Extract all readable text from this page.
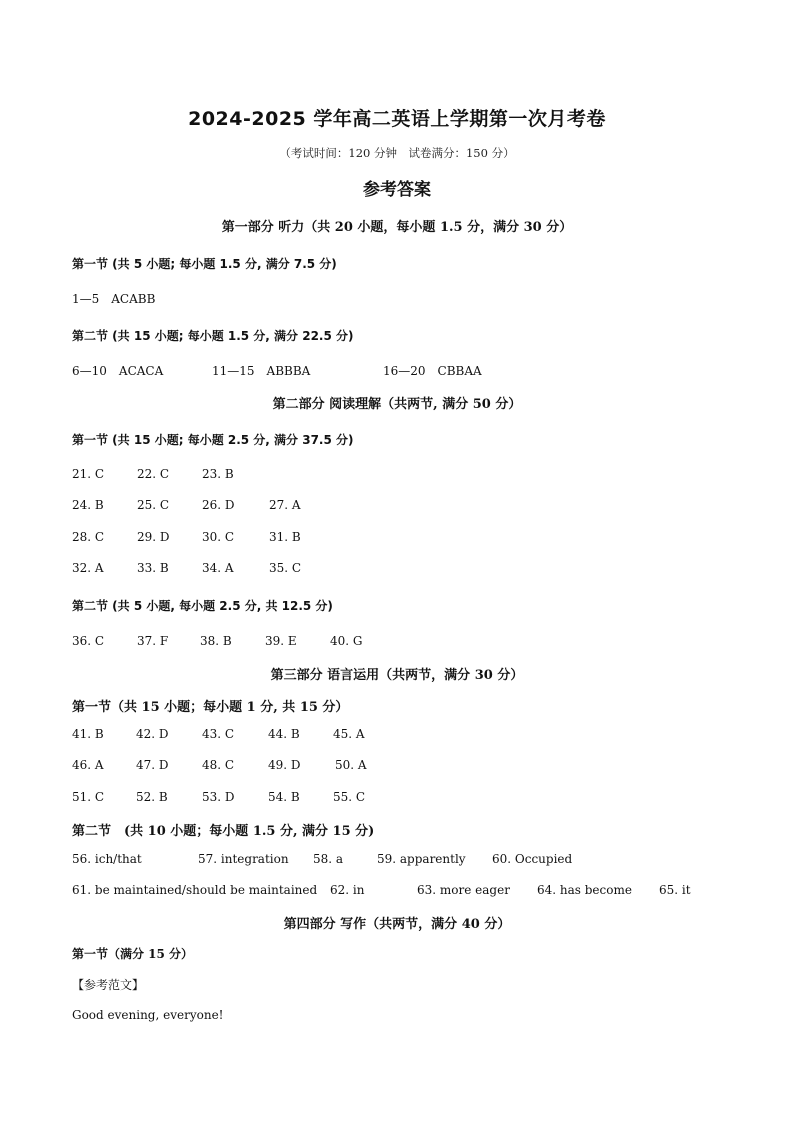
2024-2025 学年高二英语上学期第一次月考卷
（考试时间：120 分钟　试卷满分：150 分）
参考答案
第一部分 听力（共 20 小题，每小题 1.5 分，满分 30 分）
第一节 (共 5 小题; 每小题 1.5 分, 满分 7.5 分)
1—5　ACABB
第二节 (共 15 小题; 每小题 1.5 分, 满分 22.5 分)
6—10　ACACA	11—15　ABBBA	16—20　CBBAA
第二部分 阅读理解（共两节, 满分 50 分）
第一节 (共 15 小题; 每小题 2.5 分, 满分 37.5 分)
21. C	22. C	23. B
24. B	25. C	26. D	27. A
28. C	29. D	30. C	31. B
32. A	33. B	34. A	35. C
第二节 (共 5 小题, 每小题 2.5 分, 共 12.5 分)
36. C	37. F	38. B	39. E	40. G
第三部分 语言运用（共两节，满分 30 分）
第一节（共 15 小题；每小题 1 分, 共 15 分）
41. B	42. D	43. C	44. B	45. A
46. A	47. D	48. C	49. D	50. A
51. C	52. B	53. D	54. B	55. C
第二节　(共 10 小题；每小题 1.5 分, 满分 15 分)
56. ich/that	57. integration 58. a	59. apparently 60. Occupied
61. be maintained/should be maintained 62. in	63. more eager 64. has become 65. it
第四部分 写作（共两节，满分 40 分）
第一节（满分 15 分）
【参考范文】
Good evening, everyone!
